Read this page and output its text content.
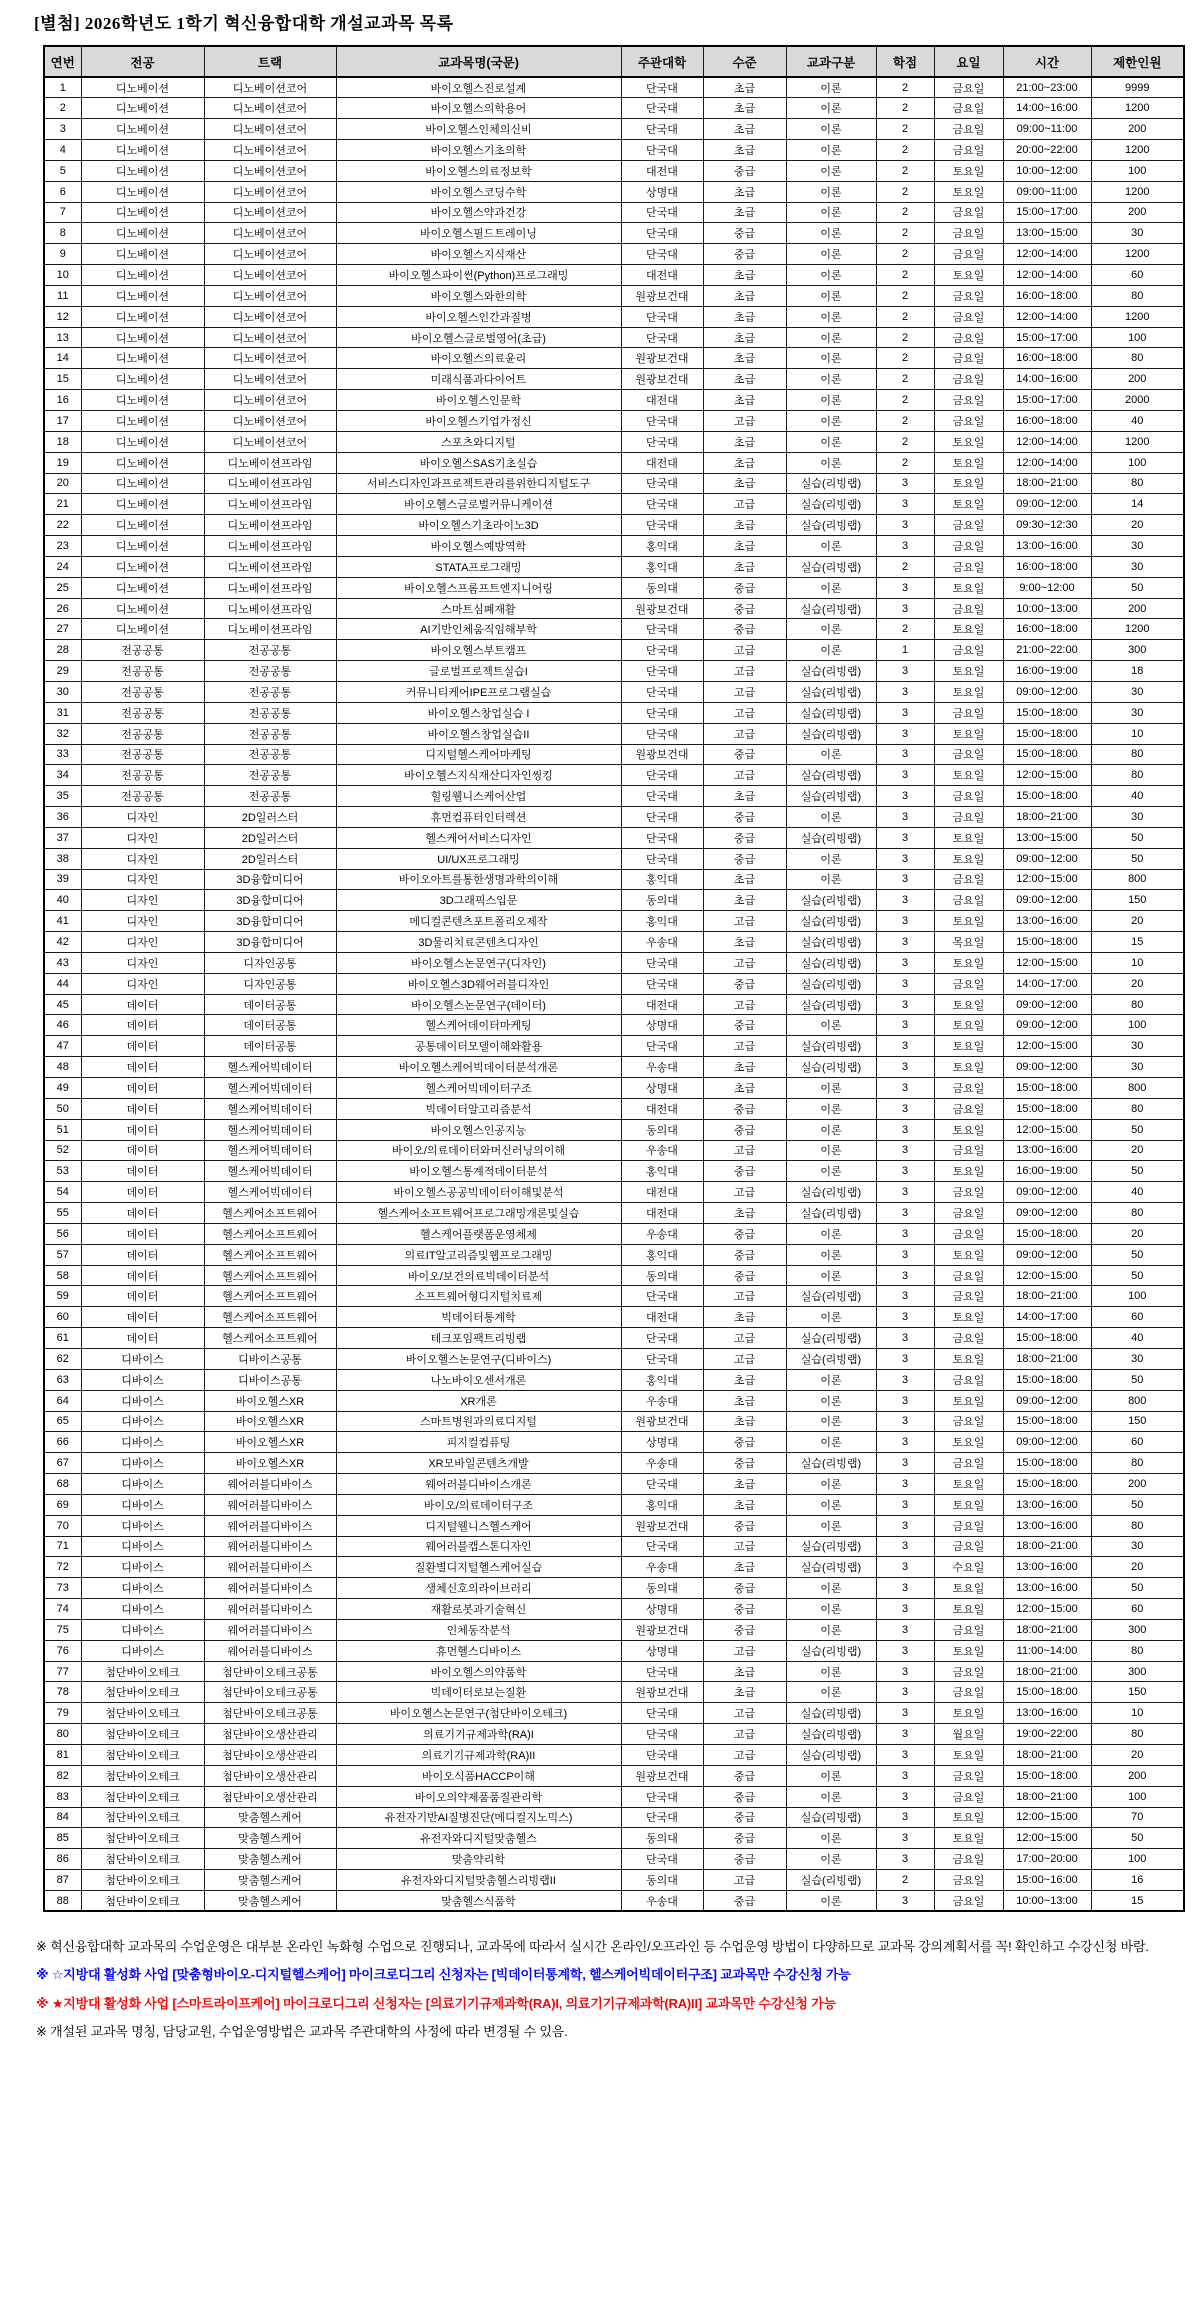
[별첨] 2026학년도 1학기 혁신융합대학 개설교과목 목록
연번	전공	트랙	교과목명(국문)	주관대학	수준	교과구분	학점	요일	시간	제한인원
1	디노베이션	디노베이션코어	바이오헬스진로설계	단국대	초급	이론	2	금요일	21:00~23:00	9999
2	디노베이션	디노베이션코어	바이오헬스의학용어	단국대	초급	이론	2	금요일	14:00~16:00	1200
3	디노베이션	디노베이션코어	바이오헬스인체의신비	단국대	초급	이론	2	금요일	09:00~11:00	200
4	디노베이션	디노베이션코어	바이오헬스기초의학	단국대	초급	이론	2	금요일	20:00~22:00	1200
5	디노베이션	디노베이션코어	바이오헬스의료정보학	대전대	중급	이론	2	토요일	10:00~12:00	100
6	디노베이션	디노베이션코어	바이오헬스코딩수학	상명대	초급	이론	2	토요일	09:00~11:00	1200
7	디노베이션	디노베이션코어	바이오헬스약과건강	단국대	초급	이론	2	금요일	15:00~17:00	200
8	디노베이션	디노베이션코어	바이오헬스필드트레이닝	단국대	중급	이론	2	금요일	13:00~15:00	30
9	디노베이션	디노베이션코어	바이오헬스지식재산	단국대	중급	이론	2	금요일	12:00~14:00	1200
10	디노베이션	디노베이션코어	바이오헬스파이썬(Python)프로그래밍	대전대	초급	이론	2	토요일	12:00~14:00	60
11	디노베이션	디노베이션코어	바이오헬스와한의학	원광보건대	초급	이론	2	금요일	16:00~18:00	80
12	디노베이션	디노베이션코어	바이오헬스인간과질병	단국대	초급	이론	2	금요일	12:00~14:00	1200
13	디노베이션	디노베이션코어	바이오헬스글로벌영어(초급)	단국대	초급	이론	2	금요일	15:00~17:00	100
14	디노베이션	디노베이션코어	바이오헬스의료윤리	원광보건대	초급	이론	2	금요일	16:00~18:00	80
15	디노베이션	디노베이션코어	미래식품과다이어트	원광보건대	초급	이론	2	금요일	14:00~16:00	200
16	디노베이션	디노베이션코어	바이오헬스인문학	대전대	초급	이론	2	금요일	15:00~17:00	2000
17	디노베이션	디노베이션코어	바이오헬스기업가정신	단국대	고급	이론	2	금요일	16:00~18:00	40
18	디노베이션	디노베이션코어	스포츠와디지털	단국대	초급	이론	2	토요일	12:00~14:00	1200
19	디노베이션	디노베이션프라임	바이오헬스SAS기초실습	대전대	초급	이론	2	토요일	12:00~14:00	100
20	디노베이션	디노베이션프라임	서비스디자인과프로젝트관리를위한디지털도구	단국대	초급	실습(리빙랩)	3	토요일	18:00~21:00	80
21	디노베이션	디노베이션프라임	바이오헬스글로벌커뮤니케이션	단국대	고급	실습(리빙랩)	3	토요일	09:00~12:00	14
22	디노베이션	디노베이션프라임	바이오헬스기초라이노3D	단국대	초급	실습(리빙랩)	3	금요일	09:30~12:30	20
23	디노베이션	디노베이션프라임	바이오헬스예방역학	홍익대	초급	이론	3	금요일	13:00~16:00	30
24	디노베이션	디노베이션프라임	STATA프로그래밍	홍익대	초급	실습(리빙랩)	2	금요일	16:00~18:00	30
25	디노베이션	디노베이션프라임	바이오헬스프롬프트엔지니어링	동의대	중급	이론	3	토요일	9:00~12:00	50
26	디노베이션	디노베이션프라임	스마트심폐재활	원광보건대	중급	실습(리빙랩)	3	금요일	10:00~13:00	200
27	디노베이션	디노베이션프라임	AI기반인체움직임해부학	단국대	중급	이론	2	토요일	16:00~18:00	1200
28	전공공통	전공공통	바이오헬스부트캠프	단국대	고급	이론	1	금요일	21:00~22:00	300
29	전공공통	전공공통	글로벌프로젝트실습I	단국대	고급	실습(리빙랩)	3	토요일	16:00~19:00	18
30	전공공통	전공공통	커뮤니티케어IPE프로그램실습	단국대	고급	실습(리빙랩)	3	토요일	09:00~12:00	30
31	전공공통	전공공통	바이오헬스창업실습 I	단국대	고급	실습(리빙랩)	3	금요일	15:00~18:00	30
32	전공공통	전공공통	바이오헬스창업실습II	단국대	고급	실습(리빙랩)	3	토요일	15:00~18:00	10
33	전공공통	전공공통	디지털헬스케어마케팅	원광보건대	중급	이론	3	금요일	15:00~18:00	80
34	전공공통	전공공통	바이오헬스지식재산디자인씽킹	단국대	고급	실습(리빙랩)	3	토요일	12:00~15:00	80
35	전공공통	전공공통	힐링웰니스케어산업	단국대	초급	실습(리빙랩)	3	금요일	15:00~18:00	40
36	디자인	2D일러스터	휴먼컴퓨터인터렉션	단국대	중급	이론	3	금요일	18:00~21:00	30
37	디자인	2D일러스터	헬스케어서비스디자인	단국대	중급	실습(리빙랩)	3	토요일	13:00~15:00	50
38	디자인	2D일러스터	UI/UX프로그래밍	단국대	중급	이론	3	토요일	09:00~12:00	50
39	디자인	3D융합미디어	바이오아트를통한생명과학의이해	홍익대	초급	이론	3	금요일	12:00~15:00	800
40	디자인	3D융합미디어	3D그래픽스입문	동의대	초급	실습(리빙랩)	3	금요일	09:00~12:00	150
41	디자인	3D융합미디어	메디컬콘텐츠포트폴리오제작	홍익대	고급	실습(리빙랩)	3	토요일	13:00~16:00	20
42	디자인	3D융합미디어	3D물리치료콘텐츠디자인	우송대	초급	실습(리빙랩)	3	목요일	15:00~18:00	15
43	디자인	디자인공통	바이오헬스논문연구(디자인)	단국대	고급	실습(리빙랩)	3	토요일	12:00~15:00	10
44	디자인	디자인공통	바이오헬스3D웨어러블디자인	단국대	중급	실습(리빙랩)	3	금요일	14:00~17:00	20
45	데이터	데이터공통	바이오헬스논문연구(데이터)	대전대	고급	실습(리빙랩)	3	토요일	09:00~12:00	80
46	데이터	데이터공통	헬스케어데이터마케팅	상명대	중급	이론	3	토요일	09:00~12:00	100
47	데이터	데이터공통	공통데이터모델이해와활용	단국대	고급	실습(리빙랩)	3	토요일	12:00~15:00	30
48	데이터	헬스케어빅데이터	바이오헬스케어빅데이터분석개론	우송대	초급	실습(리빙랩)	3	토요일	09:00~12:00	30
49	데이터	헬스케어빅데이터	헬스케어빅데이터구조	상명대	초급	이론	3	금요일	15:00~18:00	800
50	데이터	헬스케어빅데이터	빅데이터알고리즘분석	대전대	중급	이론	3	금요일	15:00~18:00	80
51	데이터	헬스케어빅데이터	바이오헬스인공지능	동의대	중급	이론	3	토요일	12:00~15:00	50
52	데이터	헬스케어빅데이터	바이오/의료데이터와머신러닝의이해	우송대	고급	이론	3	금요일	13:00~16:00	20
53	데이터	헬스케어빅데이터	바이오헬스통계적데이터분석	홍익대	중급	이론	3	토요일	16:00~19:00	50
54	데이터	헬스케어빅데이터	바이오헬스공공빅데이터이해및분석	대전대	고급	실습(리빙랩)	3	금요일	09:00~12:00	40
55	데이터	헬스케어소프트웨어	헬스케어소프트웨어프로그래밍개론및실습	대전대	초급	실습(리빙랩)	3	금요일	09:00~12:00	80
56	데이터	헬스케어소프트웨어	헬스케어플랫폼운영체제	우송대	중급	이론	3	금요일	15:00~18:00	20
57	데이터	헬스케어소프트웨어	의료IT알고리즘및웹프로그래밍	홍익대	중급	이론	3	토요일	09:00~12:00	50
58	데이터	헬스케어소프트웨어	바이오/보건의료빅데이터분석	동의대	중급	이론	3	금요일	12:00~15:00	50
59	데이터	헬스케어소프트웨어	소프트웨어형디지털치료제	단국대	고급	실습(리빙랩)	3	금요일	18:00~21:00	100
60	데이터	헬스케어소프트웨어	빅데이터통계학	대전대	초급	이론	3	토요일	14:00~17:00	60
61	데이터	헬스케어소프트웨어	테크포임팩트리빙랩	단국대	고급	실습(리빙랩)	3	금요일	15:00~18:00	40
62	디바이스	디바이스공통	바이오헬스논문연구(디바이스)	단국대	고급	실습(리빙랩)	3	토요일	18:00~21:00	30
63	디바이스	디바이스공통	나노바이오센서개론	홍익대	초급	이론	3	금요일	15:00~18:00	50
64	디바이스	바이오헬스XR	XR개론	우송대	초급	이론	3	토요일	09:00~12:00	800
65	디바이스	바이오헬스XR	스마트병원과의료디지털	원광보건대	초급	이론	3	금요일	15:00~18:00	150
66	디바이스	바이오헬스XR	피지컬컴퓨팅	상명대	중급	이론	3	토요일	09:00~12:00	60
67	디바이스	바이오헬스XR	XR모바일콘텐츠개발	우송대	중급	실습(리빙랩)	3	금요일	15:00~18:00	80
68	디바이스	웨어러블디바이스	웨어러블디바이스개론	단국대	초급	이론	3	토요일	15:00~18:00	200
69	디바이스	웨어러블디바이스	바이오/의료데이터구조	홍익대	초급	이론	3	토요일	13:00~16:00	50
70	디바이스	웨어러블디바이스	디지털웰니스헬스케어	원광보건대	중급	이론	3	금요일	13:00~16:00	80
71	디바이스	웨어러블디바이스	웨어러블캡스톤디자인	단국대	고급	실습(리빙랩)	3	금요일	18:00~21:00	30
72	디바이스	웨어러블디바이스	질환별디지털헬스케어실습	우송대	초급	실습(리빙랩)	3	수요일	13:00~16:00	20
73	디바이스	웨어러블디바이스	생체신호의라이브러리	동의대	중급	이론	3	토요일	13:00~16:00	50
74	디바이스	웨어러블디바이스	재활로봇과기술혁신	상명대	중급	이론	3	토요일	12:00~15:00	60
75	디바이스	웨어러블디바이스	인체동작분석	원광보건대	중급	이론	3	금요일	18:00~21:00	300
76	디바이스	웨어러블디바이스	휴먼헬스디바이스	상명대	고급	실습(리빙랩)	3	토요일	11:00~14:00	80
77	첨단바이오테크	첨단바이오테크공통	바이오헬스의약품학	단국대	초급	이론	3	금요일	18:00~21:00	300
78	첨단바이오테크	첨단바이오테크공통	빅데이터로보는질환	원광보건대	초급	이론	3	금요일	15:00~18:00	150
79	첨단바이오테크	첨단바이오테크공통	바이오헬스논문연구(첨단바이오테크)	단국대	고급	실습(리빙랩)	3	토요일	13:00~16:00	10
80	첨단바이오테크	첨단바이오생산관리	의료기기규제과학(RA)I	단국대	고급	실습(리빙랩)	3	월요일	19:00~22:00	80
81	첨단바이오테크	첨단바이오생산관리	의료기기규제과학(RA)II	단국대	고급	실습(리빙랩)	3	토요일	18:00~21:00	20
82	첨단바이오테크	첨단바이오생산관리	바이오식품HACCP이해	원광보건대	중급	이론	3	금요일	15:00~18:00	200
83	첨단바이오테크	첨단바이오생산관리	바이오의약제품품질관리학	단국대	중급	이론	3	금요일	18:00~21:00	100
84	첨단바이오테크	맞춤헬스케어	유전자기반AI질병진단(메디컬지노믹스)	단국대	중급	실습(리빙랩)	3	토요일	12:00~15:00	70
85	첨단바이오테크	맞춤헬스케어	유전자와디지털맞춤헬스	동의대	중급	이론	3	토요일	12:00~15:00	50
86	첨단바이오테크	맞춤헬스케어	맞춤약리학	단국대	중급	이론	3	금요일	17:00~20:00	100
87	첨단바이오테크	맞춤헬스케어	유전자와디지털맞춤헬스리빙랩II	동의대	고급	실습(리빙랩)	2	금요일	15:00~16:00	16
88	첨단바이오테크	맞춤헬스케어	맞춤헬스식품학	우송대	중급	이론	3	금요일	10:00~13:00	15

※ 혁신융합대학 교과목의 수업운영은 대부분 온라인 녹화형 수업으로 진행되나, 교과목에 따라서 실시간 온라인/오프라인 등 수업운영 방법이 다양하므로 교과목 강의계획서를 꼭! 확인하고 수강신청 바람.

※ ☆지방대 활성화 사업 [맞춤형바이오-디지털헬스케어] 마이크로디그리 신청자는 [빅데이터통계학, 헬스케어빅데이터구조] 교과목만 수강신청 가능

※ ★지방대 활성화 사업 [스마트라이프케어] 마이크로디그리 신청자는 [의료기기규제과학(RA)I, 의료기기규제과학(RA)II] 교과목만 수강신청 가능

※ 개설된 교과목 명칭, 담당교원, 수업운영방법은 교과목 주관대학의 사정에 따라 변경될 수 있음.
